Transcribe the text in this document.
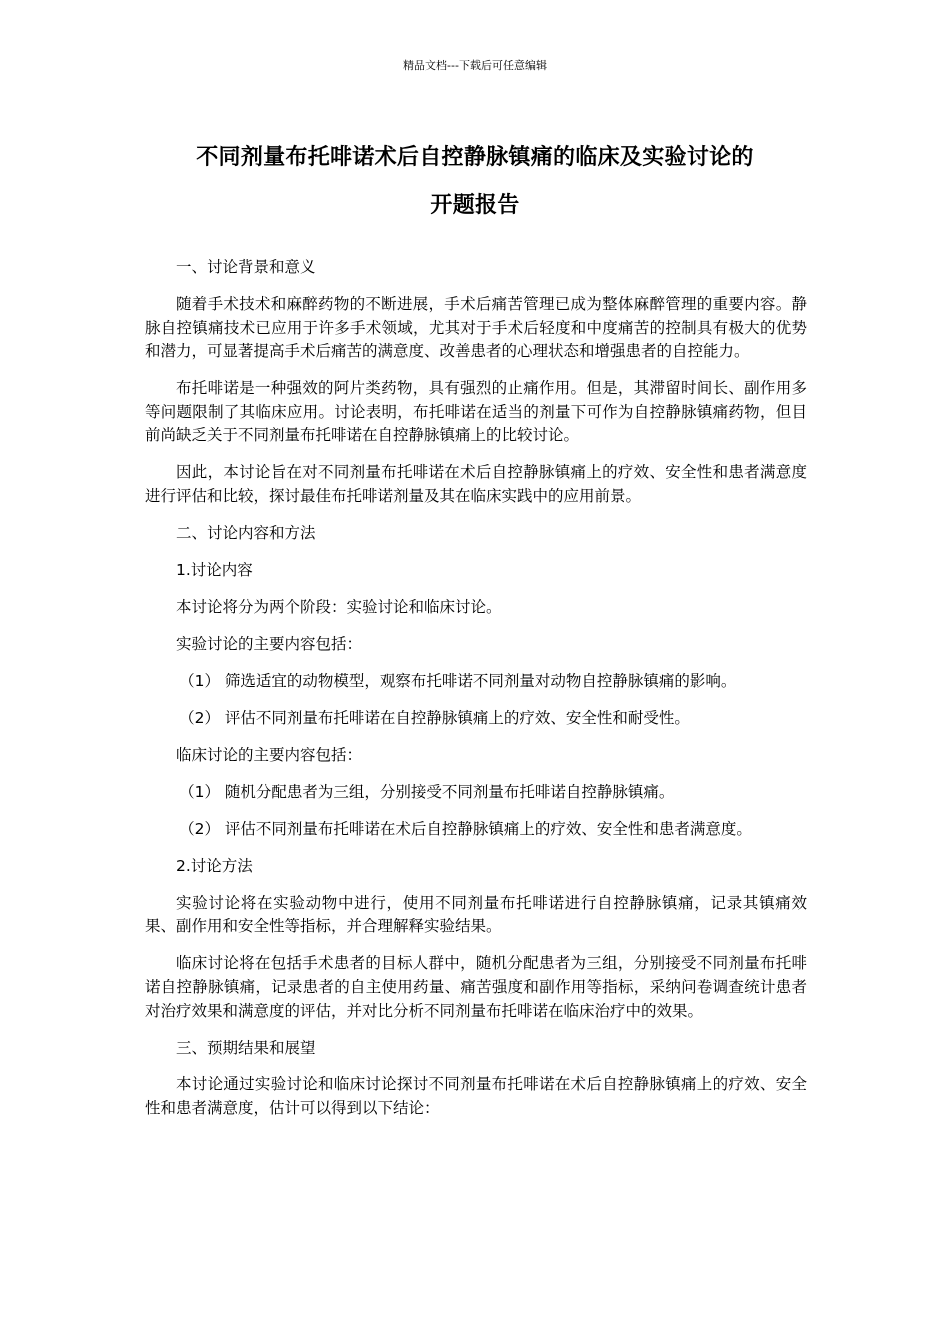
精品文档---下载后可任意编辑
不同剂量布托啡诺术后自控静脉镇痛的临床及实验讨论的
开题报告

一、讨论背景和意义

随着手术技术和麻醉药物的不断进展，手术后痛苦管理已成为整体麻醉管理的重要内容。静脉自控镇痛技术已应用于许多手术领域，尤其对于手术后轻度和中度痛苦的控制具有极大的优势和潜力，可显著提高手术后痛苦的满意度、改善患者的心理状态和增强患者的自控能力。

布托啡诺是一种强效的阿片类药物，具有强烈的止痛作用。但是，其滞留时间长、副作用多等问题限制了其临床应用。讨论表明，布托啡诺在适当的剂量下可作为自控静脉镇痛药物，但目前尚缺乏关于不同剂量布托啡诺在自控静脉镇痛上的比较讨论。

因此，本讨论旨在对不同剂量布托啡诺在术后自控静脉镇痛上的疗效、安全性和患者满意度进行评估和比较，探讨最佳布托啡诺剂量及其在临床实践中的应用前景。

二、讨论内容和方法

1.讨论内容

本讨论将分为两个阶段：实验讨论和临床讨论。

实验讨论的主要内容包括：

（1） 筛选适宜的动物模型，观察布托啡诺不同剂量对动物自控静脉镇痛的影响。

（2） 评估不同剂量布托啡诺在自控静脉镇痛上的疗效、安全性和耐受性。

临床讨论的主要内容包括：

（1） 随机分配患者为三组，分别接受不同剂量布托啡诺自控静脉镇痛。

（2） 评估不同剂量布托啡诺在术后自控静脉镇痛上的疗效、安全性和患者满意度。

2.讨论方法

实验讨论将在实验动物中进行，使用不同剂量布托啡诺进行自控静脉镇痛，记录其镇痛效果、副作用和安全性等指标，并合理解释实验结果。

临床讨论将在包括手术患者的目标人群中，随机分配患者为三组，分别接受不同剂量布托啡诺自控静脉镇痛，记录患者的自主使用药量、痛苦强度和副作用等指标，采纳问卷调查统计患者对治疗效果和满意度的评估，并对比分析不同剂量布托啡诺在临床治疗中的效果。

三、预期结果和展望

本讨论通过实验讨论和临床讨论探讨不同剂量布托啡诺在术后自控静脉镇痛上的疗效、安全性和患者满意度，估计可以得到以下结论：
